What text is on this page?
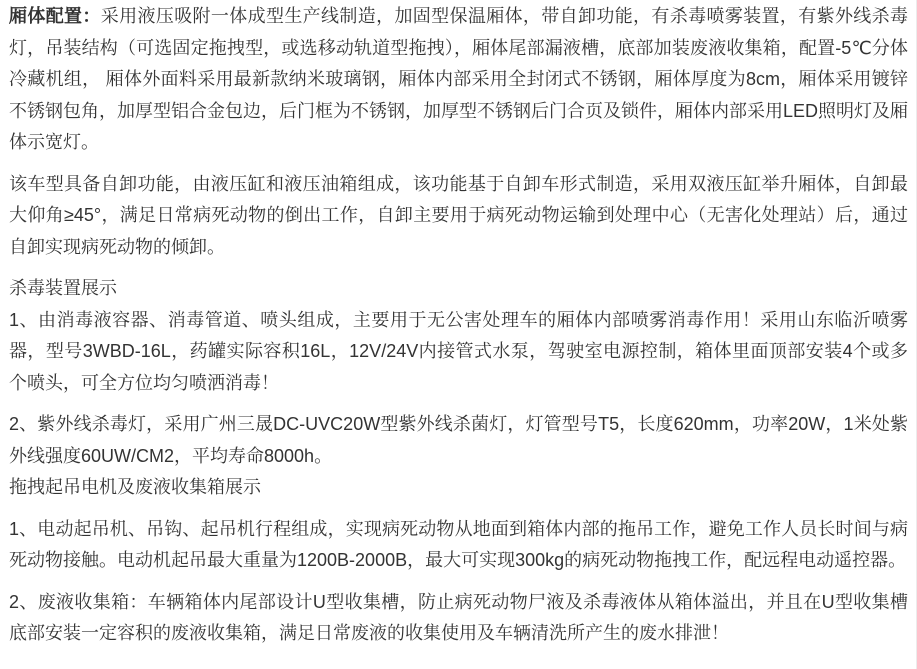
厢体配置：采用液压吸附一体成型生产线制造，加固型保温厢体，带自卸功能，有杀毒喷雾装置，有紫外线杀毒灯，吊装结构（可选固定拖拽型，或选移动轨道型拖拽），厢体尾部漏液槽，底部加装废液收集箱，配置-5℃分体冷藏机组， 厢体外面料采用最新款纳米玻璃钢，厢体内部采用全封闭式不锈钢，厢体厚度为8cm，厢体采用镀锌不锈钢包角，加厚型铝合金包边，后门框为不锈钢，加厚型不锈钢后门合页及锁件，厢体内部采用LED照明灯及厢体示宽灯。

该车型具备自卸功能，由液压缸和液压油箱组成，该功能基于自卸车形式制造，采用双液压缸举升厢体，自卸最大仰角≥45°，满足日常病死动物的倒出工作，自卸主要用于病死动物运输到处理中心（无害化处理站）后，通过自卸实现病死动物的倾卸。

杀毒装置展示

1、由消毒液容器、消毒管道、喷头组成，主要用于无公害处理车的厢体内部喷雾消毒作用！采用山东临沂喷雾器，型号3WBD-16L，药罐实际容积16L，12V/24V内接管式水泵，驾驶室电源控制，箱体里面顶部安装4个或多个喷头，可全方位均匀喷洒消毒！

2、紫外线杀毒灯，采用广州三晟DC-UVC20W型紫外线杀菌灯，灯管型号T5，长度620mm，功率20W，1米处紫外线强度60UW/CM2，平均寿命8000h。

拖拽起吊电机及废液收集箱展示

1、电动起吊机、吊钩、起吊机行程组成，实现病死动物从地面到箱体内部的拖吊工作，避免工作人员长时间与病死动物接触。电动机起吊最大重量为1200B-2000B，最大可实现300kg的病死动物拖拽工作，配远程电动遥控器。

2、废液收集箱：车辆箱体内尾部设计U型收集槽，防止病死动物尸液及杀毒液体从箱体溢出，并且在U型收集槽底部安装一定容积的废液收集箱，满足日常废液的收集使用及车辆清洗所产生的废水排泄！
